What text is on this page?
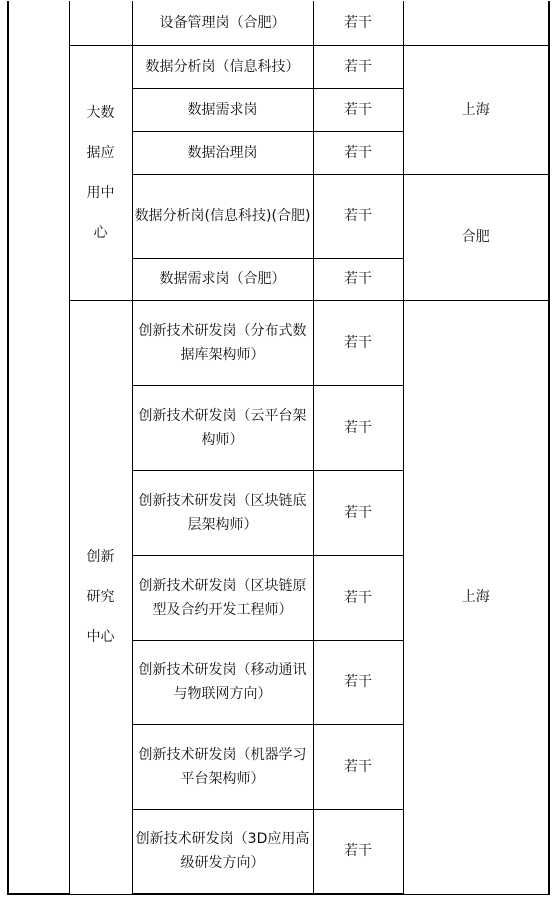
		设备管理岗（合肥）	若干	
	大数据应用中心	数据分析岗（信息科技）	若干	上海
		数据需求岗	若干	
		数据治理岗	若干	
		数据分析岗(信息科技)(合肥)	若干	合肥
		数据需求岗（合肥）	若干	
	创新研究中心	创新技术研发岗（分布式数据库架构师）	若干	上海
		创新技术研发岗（云平台架构师）	若干	
		创新技术研发岗（区块链底层架构师）	若干	
		创新技术研发岗（区块链原型及合约开发工程师）	若干	
		创新技术研发岗（移动通讯与物联网方向）	若干	
		创新技术研发岗（机器学习平台架构师）	若干	
		创新技术研发岗（3D应用高级研发方向）	若干	
